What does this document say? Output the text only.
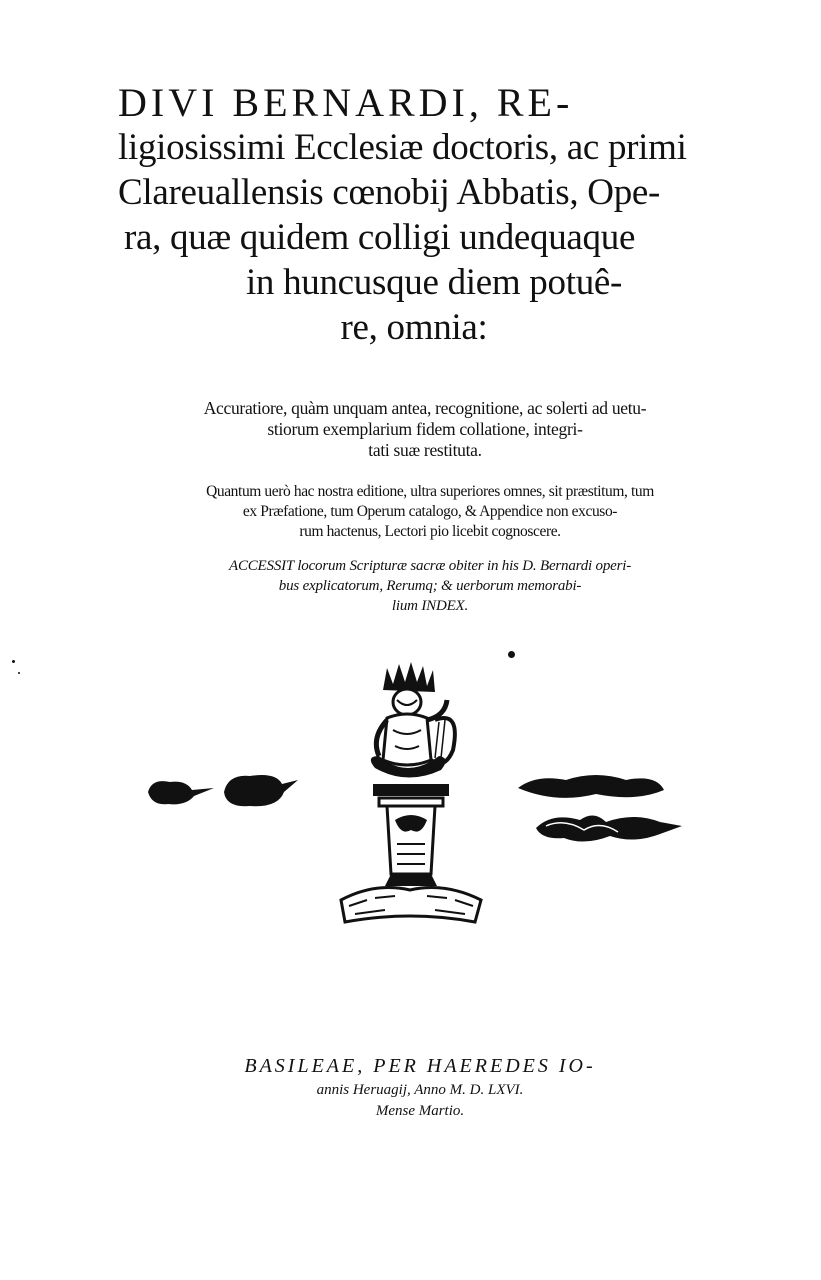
DIVI BERNARDI, RE-
ligiosissimi Ecclesiæ doctoris, ac primi
Clareuallensis cœnobij Abbatis, Ope-
ra, quæ quidem colligi undequaque
in huncusque diem potuê-
re, omnia:
Accuratiore, quàm unquam antea, recognitione, ac solerti ad uetu-
stiorum exemplarium fidem collatione, integri-
tati suæ restituta.
Quantum uerò hac nostra editione, ultra superiores omnes, sit præstitum, tum
ex Præfatione, tum Operum catalogo, & Appendice non excuso-
rum hactenus, Lectori pio licebit cognoscere.
ACCESSIT locorum Scripturæ sacræ obiter in his D. Bernardi operi-
bus explicatorum, Rerumq; & uerborum memorabi-
lium INDEX.
BASILEAE, PER HAEREDES IO-
annis Heruagij, Anno M. D. LXVI.
Mense Martio.
